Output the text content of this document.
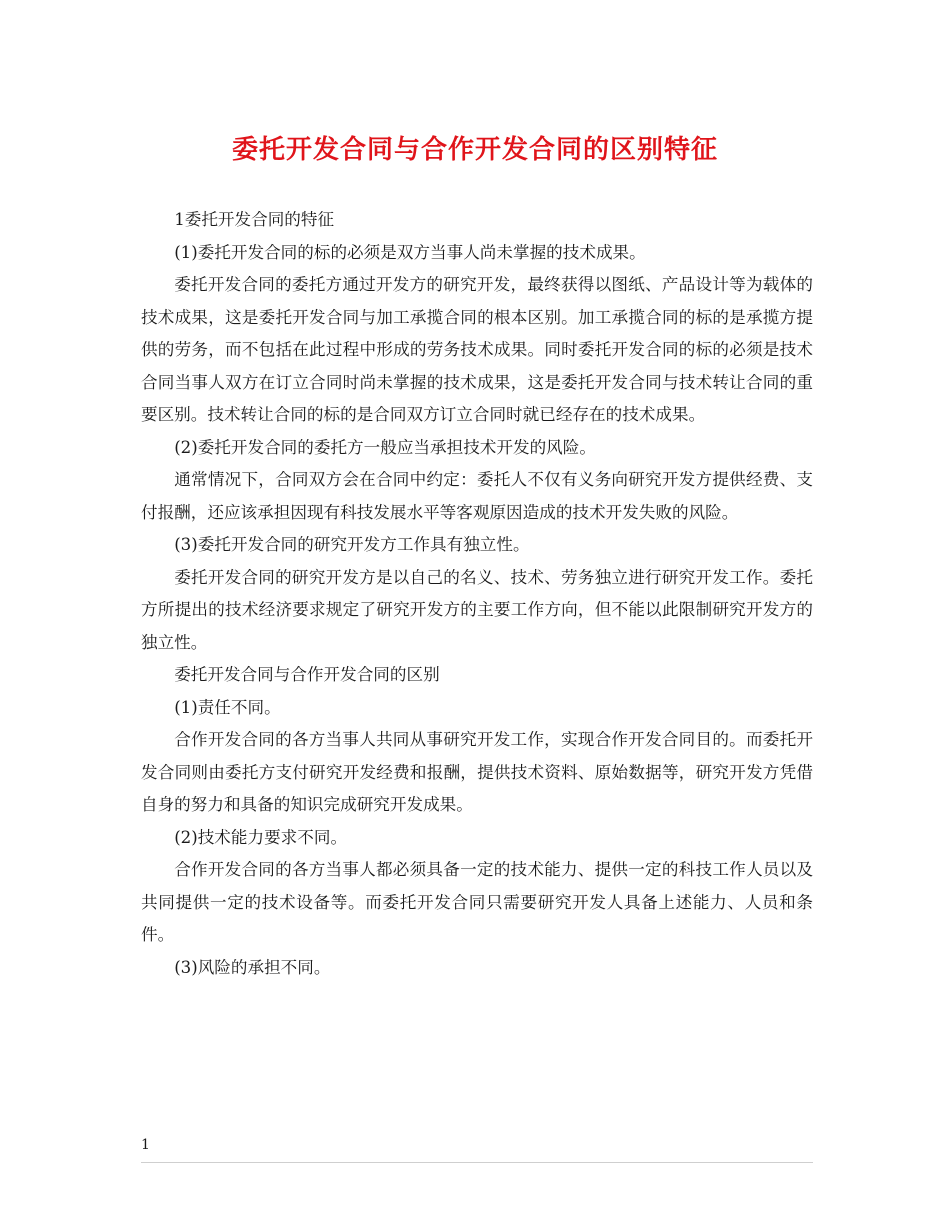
委托开发合同与合作开发合同的区别特征

1委托开发合同的特征

(1)委托开发合同的标的必须是双方当事人尚未掌握的技术成果。

委托开发合同的委托方通过开发方的研究开发，最终获得以图纸、产品设计等为载体的技术成果，这是委托开发合同与加工承揽合同的根本区别。加工承揽合同的标的是承揽方提供的劳务，而不包括在此过程中形成的劳务技术成果。同时委托开发合同的标的必须是技术合同当事人双方在订立合同时尚未掌握的技术成果，这是委托开发合同与技术转让合同的重要区别。技术转让合同的标的是合同双方订立合同时就已经存在的技术成果。

(2)委托开发合同的委托方一般应当承担技术开发的风险。

通常情况下，合同双方会在合同中约定：委托人不仅有义务向研究开发方提供经费、支付报酬，还应该承担因现有科技发展水平等客观原因造成的技术开发失败的风险。

(3)委托开发合同的研究开发方工作具有独立性。

委托开发合同的研究开发方是以自己的名义、技术、劳务独立进行研究开发工作。委托方所提出的技术经济要求规定了研究开发方的主要工作方向，但不能以此限制研究开发方的独立性。

委托开发合同与合作开发合同的区别

(1)责任不同。

合作开发合同的各方当事人共同从事研究开发工作，实现合作开发合同目的。而委托开发合同则由委托方支付研究开发经费和报酬，提供技术资料、原始数据等，研究开发方凭借自身的努力和具备的知识完成研究开发成果。

(2)技术能力要求不同。

合作开发合同的各方当事人都必须具备一定的技术能力、提供一定的科技工作人员以及共同提供一定的技术设备等。而委托开发合同只需要研究开发人具备上述能力、人员和条件。

(3)风险的承担不同。

1
